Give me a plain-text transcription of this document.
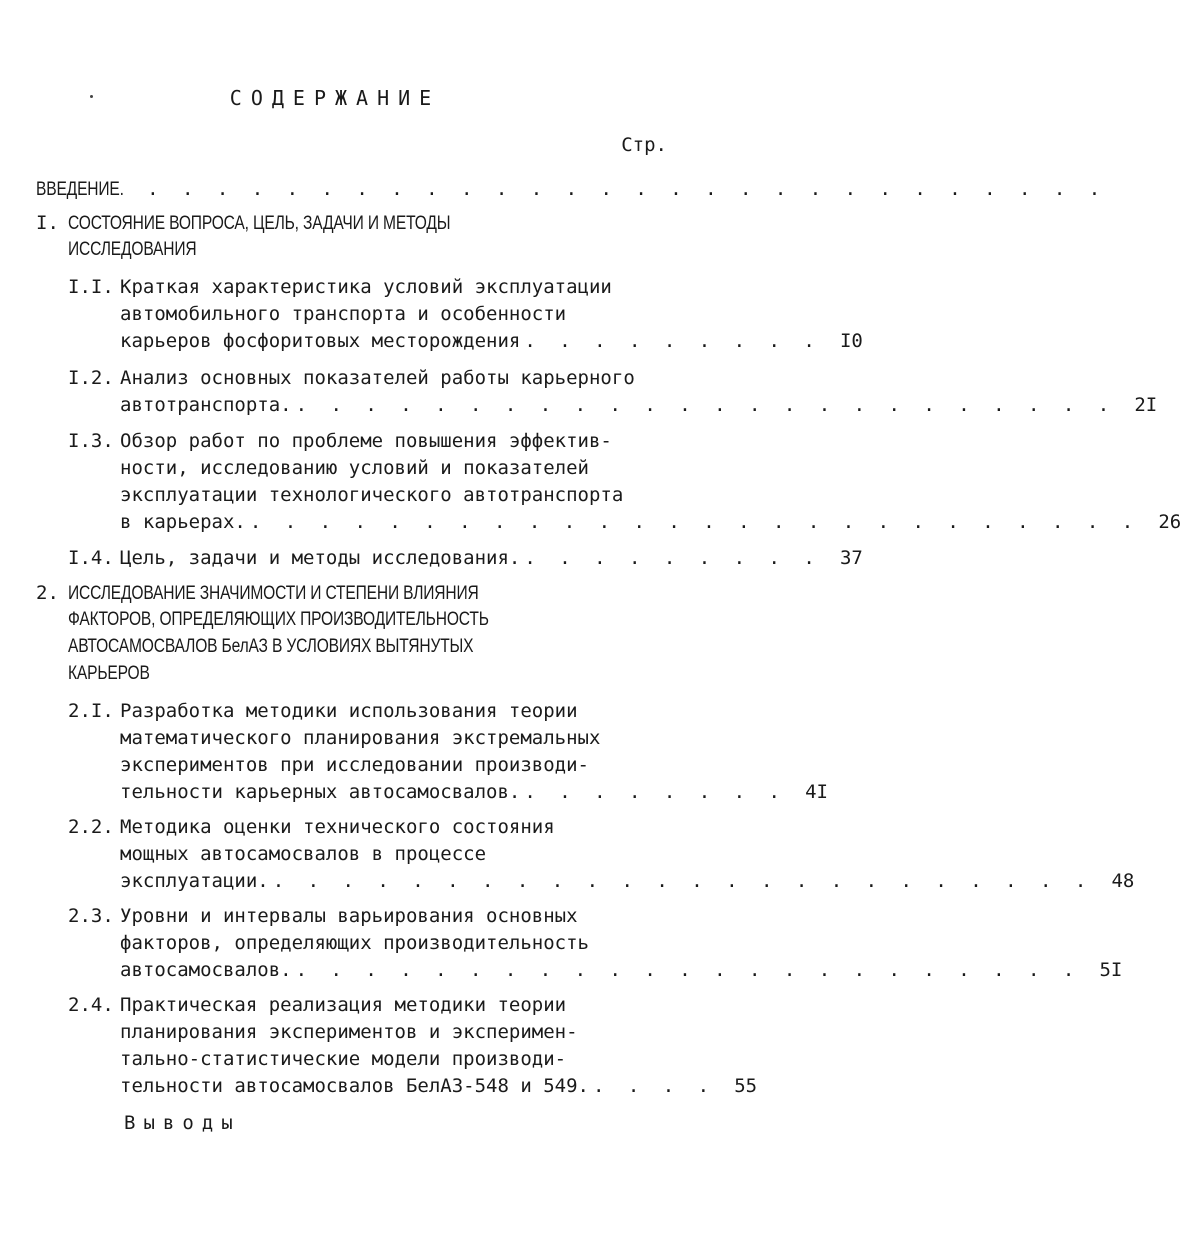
СОДЕРЖАНИЕ
Стр.
ВВЕДЕНИЕ. . . . . . . . . . . . . . . . . . . . . . . . . . . . .
I. СОСТОЯНИЕ ВОПРОСА, ЦЕЛЬ, ЗАДАЧИ И МЕТОДЫ
ИССЛЕДОВАНИЯ
I.I. Краткая характеристика условий эксплуатации
автомобильного транспорта и особенности
карьеров фосфоритовых месторождения . . . . . . . . .	I0
I.2. Анализ основных показателей работы карьерного
автотранспорта. . . . . . . . . . . . . . . . . . . . . . . . .	2I
I.3. Обзор работ по проблеме повышения эффектив-
ности, исследованию условий и показателей
эксплуатации технологического автотранспорта
в карьерах. . . . . . . . . . . . . . . . . . . . . . . . . . .	26
I.4. Цель, задачи и методы исследования. . . . . . . . . .	37
2. ИССЛЕДОВАНИЕ ЗНАЧИМОСТИ И СТЕПЕНИ ВЛИЯНИЯ
ФАКТОРОВ, ОПРЕДЕЛЯЮЩИХ ПРОИЗВОДИТЕЛЬНОСТЬ
АВТОСАМОСВАЛОВ БелАЗ В УСЛОВИЯХ ВЫТЯНУТЫХ
КАРЬЕРОВ
2.I. Разработка методики использования теории
математического планирования экстремальных
экспериментов при исследовании производи-
тельности карьерных автосамосвалов. . . . . . . . .	4I
2.2. Методика оценки технического состояния
мощных автосамосвалов в процессе
эксплуатации. . . . . . . . . . . . . . . . . . . . . . . . .	48
2.3. Уровни и интервалы варьирования основных
факторов, определяющих производительность
автосамосвалов. . . . . . . . . . . . . . . . . . . . . . . .	5I
2.4. Практическая реализация методики теории
планирования экспериментов и эксперимен-
тально-статистические модели производи-
тельности автосамосвалов БелАЗ-548 и 549. . . . .	55
Выводы
